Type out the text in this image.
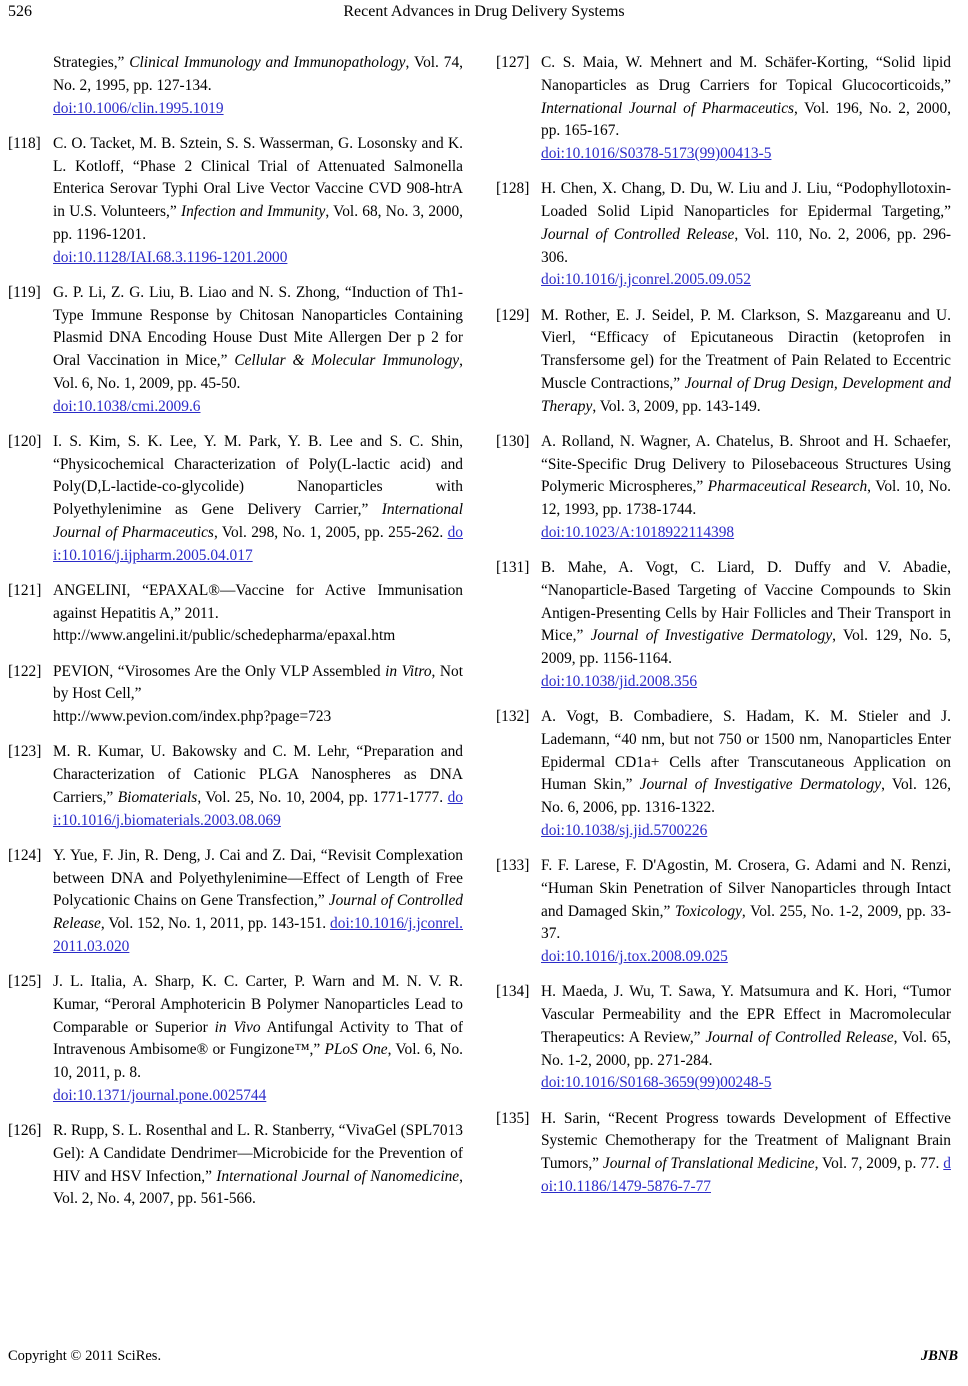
526	Recent Advances in Drug Delivery Systems
Strategies,” Clinical Immunology and Immunopathology, Vol. 74, No. 2, 1995, pp. 127-134.
doi:10.1006/clin.1995.1019
[118] C. O. Tacket, M. B. Sztein, S. S. Wasserman, G. Losonsky and K. L. Kotloff, “Phase 2 Clinical Trial of Attenuated Salmonella Enterica Serovar Typhi Oral Live Vector Vaccine CVD 908-htrA in U.S. Volunteers,” Infection and Immunity, Vol. 68, No. 3, 2000, pp. 1196-1201.
doi:10.1128/IAI.68.3.1196-1201.2000
[119] G. P. Li, Z. G. Liu, B. Liao and N. S. Zhong, “Induction of Th1-Type Immune Response by Chitosan Nanoparticles Containing Plasmid DNA Encoding House Dust Mite Allergen Der p 2 for Oral Vaccination in Mice,” Cellular & Molecular Immunology, Vol. 6, No. 1, 2009, pp. 45-50.
doi:10.1038/cmi.2009.6
[120] I. S. Kim, S. K. Lee, Y. M. Park, Y. B. Lee and S. C. Shin, “Physicochemical Characterization of Poly(L-lactic acid) and Poly(D,L-lactide-co-glycolide) Nanoparticles with Polyethylenimine as Gene Delivery Carrier,” International Journal of Pharmaceutics, Vol. 298, No. 1, 2005, pp. 255-262. doi:10.1016/j.ijpharm.2005.04.017
[121] ANGELINI, “EPAXAL®—Vaccine for Active Immunisation against Hepatitis A,” 2011.
http://www.angelini.it/public/schedepharma/epaxal.htm
[122] PEVION, “Virosomes Are the Only VLP Assembled in Vitro, Not by Host Cell,”
http://www.pevion.com/index.php?page=723
[123] M. R. Kumar, U. Bakowsky and C. M. Lehr, “Preparation and Characterization of Cationic PLGA Nanospheres as DNA Carriers,” Biomaterials, Vol. 25, No. 10, 2004, pp. 1771-1777. doi:10.1016/j.biomaterials.2003.08.069
[124] Y. Yue, F. Jin, R. Deng, J. Cai and Z. Dai, “Revisit Complexation between DNA and Polyethylenimine—Effect of Length of Free Polycationic Chains on Gene Transfection,” Journal of Controlled Release, Vol. 152, No. 1, 2011, pp. 143-151. doi:10.1016/j.jconrel.2011.03.020
[125] J. L. Italia, A. Sharp, K. C. Carter, P. Warn and M. N. V. R. Kumar, “Peroral Amphotericin B Polymer Nanoparticles Lead to Comparable or Superior in Vivo Antifungal Activity to That of Intravenous Ambisome® or Fungizone™,” PLoS One, Vol. 6, No. 10, 2011, p. 8.
doi:10.1371/journal.pone.0025744
[126] R. Rupp, S. L. Rosenthal and L. R. Stanberry, “VivaGel (SPL7013 Gel): A Candidate Dendrimer—Microbicide for the Prevention of HIV and HSV Infection,” International Journal of Nanomedicine, Vol. 2, No. 4, 2007, pp. 561-566.
[127] C. S. Maia, W. Mehnert and M. Schäfer-Korting, “Solid lipid Nanoparticles as Drug Carriers for Topical Glucocorticoids,” International Journal of Pharmaceutics, Vol. 196, No. 2, 2000, pp. 165-167.
doi:10.1016/S0378-5173(99)00413-5
[128] H. Chen, X. Chang, D. Du, W. Liu and J. Liu, “Podophyllotoxin-Loaded Solid Lipid Nanoparticles for Epidermal Targeting,” Journal of Controlled Release, Vol. 110, No. 2, 2006, pp. 296-306.
doi:10.1016/j.jconrel.2005.09.052
[129] M. Rother, E. J. Seidel, P. M. Clarkson, S. Mazgareanu and U. Vierl, “Efficacy of Epicutaneous Diractin (ketoprofen in Transfersome gel) for the Treatment of Pain Related to Eccentric Muscle Contractions,” Journal of Drug Design, Development and Therapy, Vol. 3, 2009, pp. 143-149.
[130] A. Rolland, N. Wagner, A. Chatelus, B. Shroot and H. Schaefer, “Site-Specific Drug Delivery to Pilosebaceous Structures Using Polymeric Microspheres,” Pharmaceutical Research, Vol. 10, No. 12, 1993, pp. 1738-1744.
doi:10.1023/A:1018922114398
[131] B. Mahe, A. Vogt, C. Liard, D. Duffy and V. Abadie, “Nanoparticle-Based Targeting of Vaccine Compounds to Skin Antigen-Presenting Cells by Hair Follicles and Their Transport in Mice,” Journal of Investigative Dermatology, Vol. 129, No. 5, 2009, pp. 1156-1164.
doi:10.1038/jid.2008.356
[132] A. Vogt, B. Combadiere, S. Hadam, K. M. Stieler and J. Lademann, “40 nm, but not 750 or 1500 nm, Nanoparticles Enter Epidermal CD1a+ Cells after Transcutaneous Application on Human Skin,” Journal of Investigative Dermatology, Vol. 126, No. 6, 2006, pp. 1316-1322.
doi:10.1038/sj.jid.5700226
[133] F. F. Larese, F. D'Agostin, M. Crosera, G. Adami and N. Renzi, “Human Skin Penetration of Silver Nanoparticles through Intact and Damaged Skin,” Toxicology, Vol. 255, No. 1-2, 2009, pp. 33-37.
doi:10.1016/j.tox.2008.09.025
[134] H. Maeda, J. Wu, T. Sawa, Y. Matsumura and K. Hori, “Tumor Vascular Permeability and the EPR Effect in Macromolecular Therapeutics: A Review,” Journal of Controlled Release, Vol. 65, No. 1-2, 2000, pp. 271-284.
doi:10.1016/S0168-3659(99)00248-5
[135] H. Sarin, “Recent Progress towards Development of Effective Systemic Chemotherapy for the Treatment of Malignant Brain Tumors,” Journal of Translational Medicine, Vol. 7, 2009, p. 77. doi:10.1186/1479-5876-7-77
Copyright © 2011 SciRes.	JBNB
